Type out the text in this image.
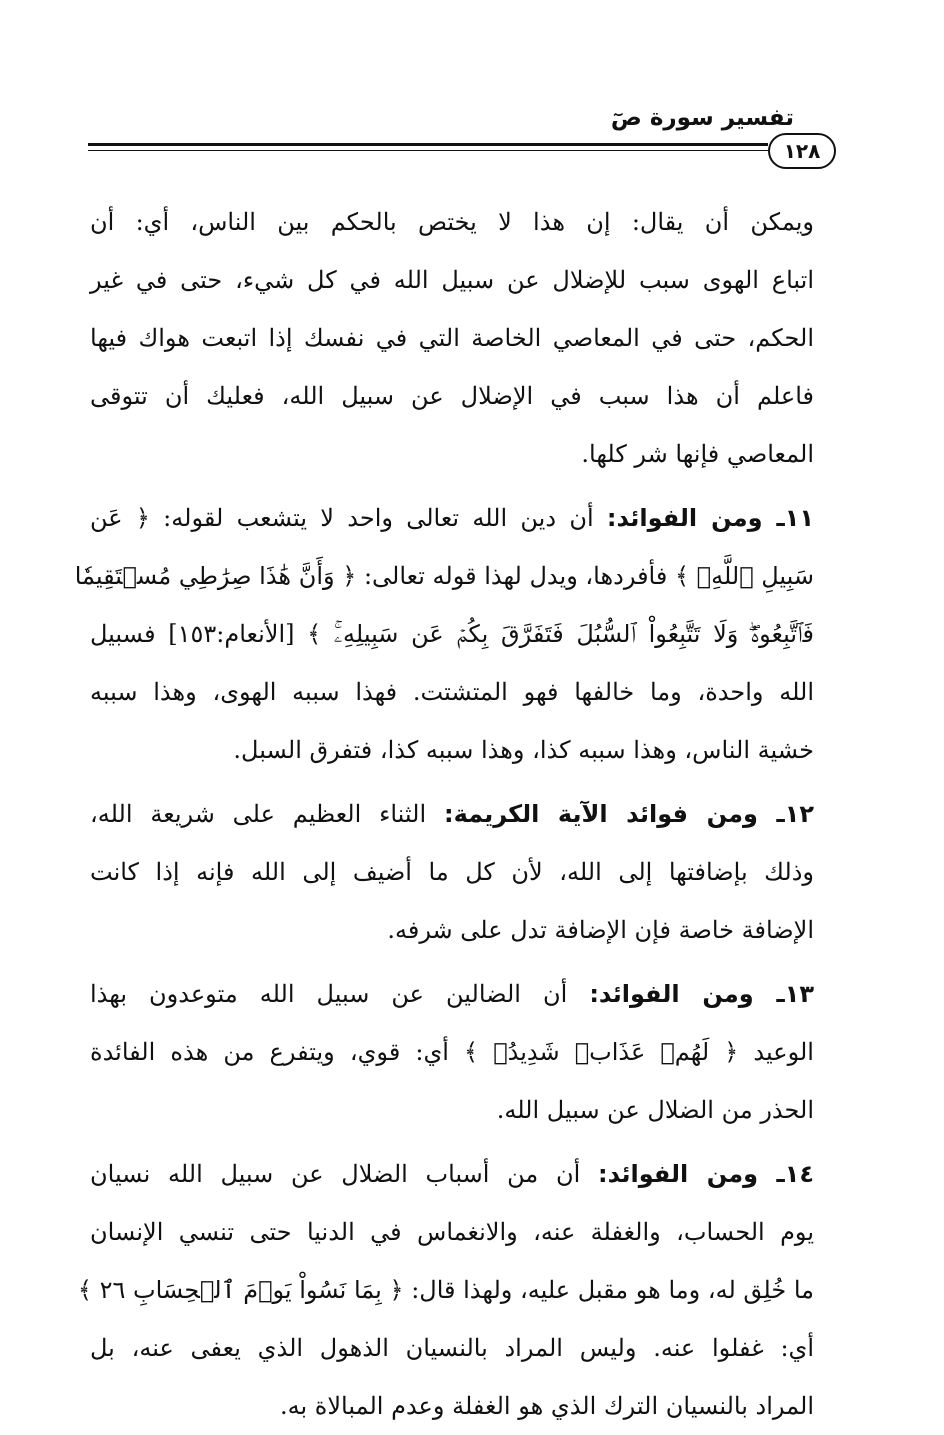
تفسير سورة صٓ
١٢٨
ويمكن أن يقال: إن هذا لا يختص بالحكم بين الناس، أي: أن
اتباع الهوى سبب للإضلال عن سبيل الله في كل شيء، حتى في غير
الحكم، حتى في المعاصي الخاصة التي في نفسك إذا اتبعت هواك فيها
فاعلم أن هذا سبب في الإضلال عن سبيل الله، فعليك أن تتوقى
المعاصي فإنها شر كلها.
١١ـ ومن الفوائد: أن دين الله تعالى واحد لا يتشعب لقوله: ﴿ عَن
سَبِيلِ ٱللَّهِۚ ﴾ فأفردها، ويدل لهذا قوله تعالى: ﴿ وَأَنَّ هَٰذَا صِرَٰطِي مُسۡتَقِيمٗا
فَٱتَّبِعُوهُۖ وَلَا تَتَّبِعُواْ ٱلسُّبُلَ فَتَفَرَّقَ بِكُمۡ عَن سَبِيلِهِۦۚ ﴾ [الأنعام:١٥٣] فسبيل
الله واحدة، وما خالفها فهو المتشتت. فهذا سببه الهوى، وهذا سببه
خشية الناس، وهذا سببه كذا، وهذا سببه كذا، فتفرق السبل.
١٢ـ ومن فوائد الآية الكريمة: الثناء العظيم على شريعة الله،
وذلك بإضافتها إلى الله، لأن كل ما أضيف إلى الله فإنه إذا كانت
الإضافة خاصة فإن الإضافة تدل على شرفه.
١٣ـ ومن الفوائد: أن الضالين عن سبيل الله متوعدون بهذا
الوعيد ﴿ لَهُمۡ عَذَابٞ شَدِيدُۢ ﴾ أي: قوي، ويتفرع من هذه الفائدة
الحذر من الضلال عن سبيل الله.
١٤ـ ومن الفوائد: أن من أسباب الضلال عن سبيل الله نسيان
يوم الحساب، والغفلة عنه، والانغماس في الدنيا حتى تنسي الإنسان
ما خُلِق له، وما هو مقبل عليه، ولهذا قال: ﴿ بِمَا نَسُواْ يَوۡمَ ٱلۡحِسَابِ ٢٦ ﴾
أي: غفلوا عنه. وليس المراد بالنسيان الذهول الذي يعفى عنه، بل
المراد بالنسيان الترك الذي هو الغفلة وعدم المبالاة به.
